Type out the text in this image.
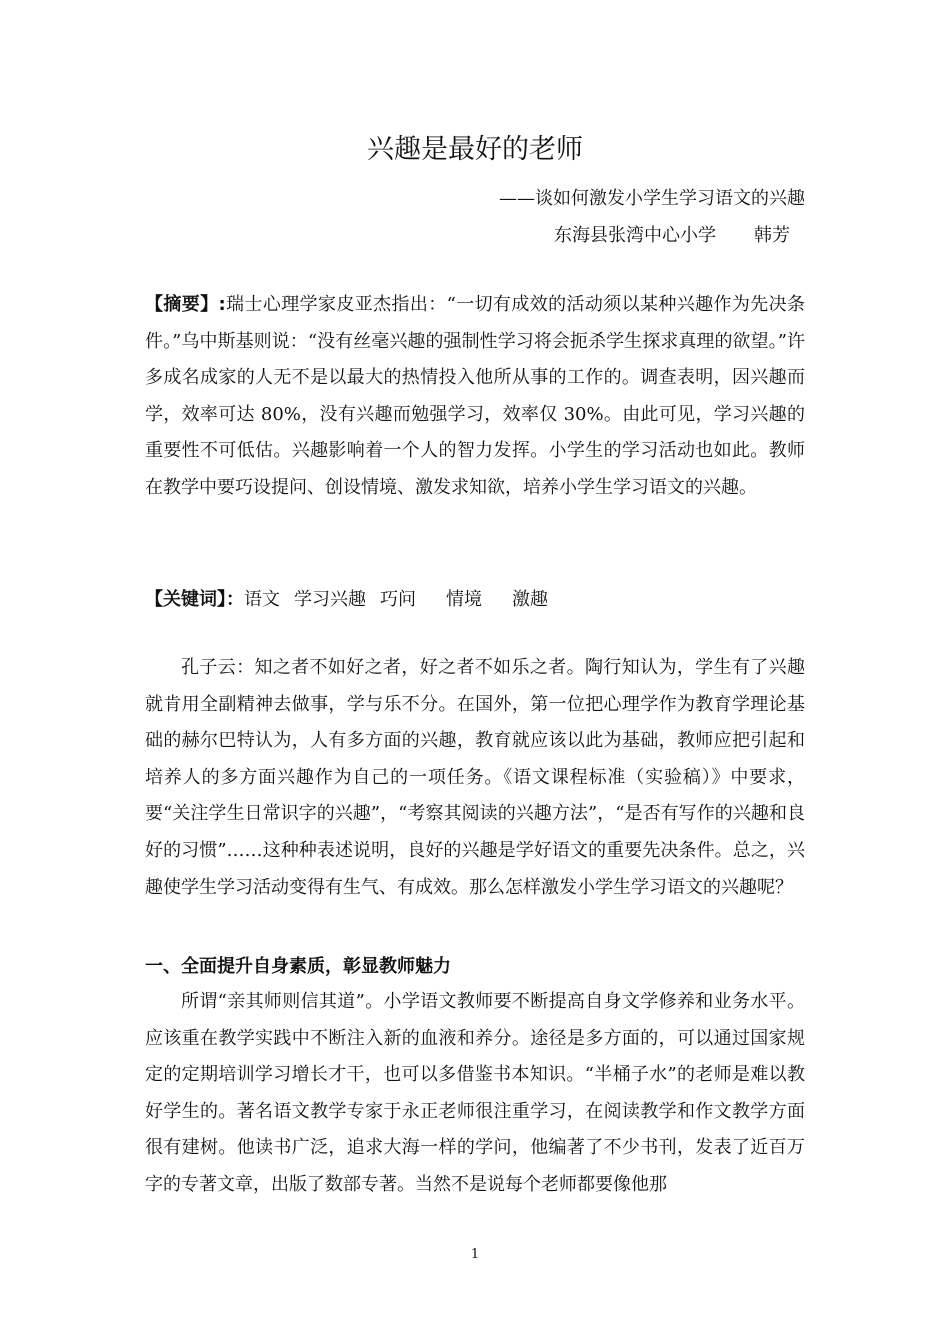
兴趣是最好的老师
——谈如何激发小学生学习语文的兴趣
东海县张湾中心小学 韩芳
【摘要】:瑞士心理学家皮亚杰指出：“一切有成效的活动须以某种兴趣作为先决条件。”乌中斯基则说：“没有丝毫兴趣的强制性学习将会扼杀学生探求真理的欲望。”许多成名成家的人无不是以最大的热情投入他所从事的工作的。调查表明，因兴趣而学，效率可达 80%，没有兴趣而勉强学习，效率仅 30%。由此可见，学习兴趣的重要性不可低估。兴趣影响着一个人的智力发挥。小学生的学习活动也如此。教师在教学中要巧设提问、创设情境、激发求知欲，培养小学生学习语文的兴趣。
【关键词】：语文 学习兴趣 巧问 情境 激趣
孔子云：知之者不如好之者，好之者不如乐之者。陶行知认为，学生有了兴趣就肯用全副精神去做事，学与乐不分。在国外，第一位把心理学作为教育学理论基础的赫尔巴特认为，人有多方面的兴趣，教育就应该以此为基础，教师应把引起和培养人的多方面兴趣作为自己的一项任务。《语文课程标准（实验稿）》中要求，要“关注学生日常识字的兴趣”，“考察其阅读的兴趣方法”，“是否有写作的兴趣和良好的习惯”……这种种表述说明，良好的兴趣是学好语文的重要先决条件。总之，兴趣使学生学习活动变得有生气、有成效。那么怎样激发小学生学习语文的兴趣呢？
一、全面提升自身素质，彰显教师魅力
所谓“亲其师则信其道”。小学语文教师要不断提高自身文学修养和业务水平。应该重在教学实践中不断注入新的血液和养分。途径是多方面的，可以通过国家规定的定期培训学习增长才干，也可以多借鉴书本知识。“半桶子水”的老师是难以教好学生的。著名语文教学专家于永正老师很注重学习，在阅读教学和作文教学方面很有建树。他读书广泛，追求大海一样的学问，他编著了不少书刊，发表了近百万字的专著文章，出版了数部专著。当然不是说每个老师都要像他那
1
